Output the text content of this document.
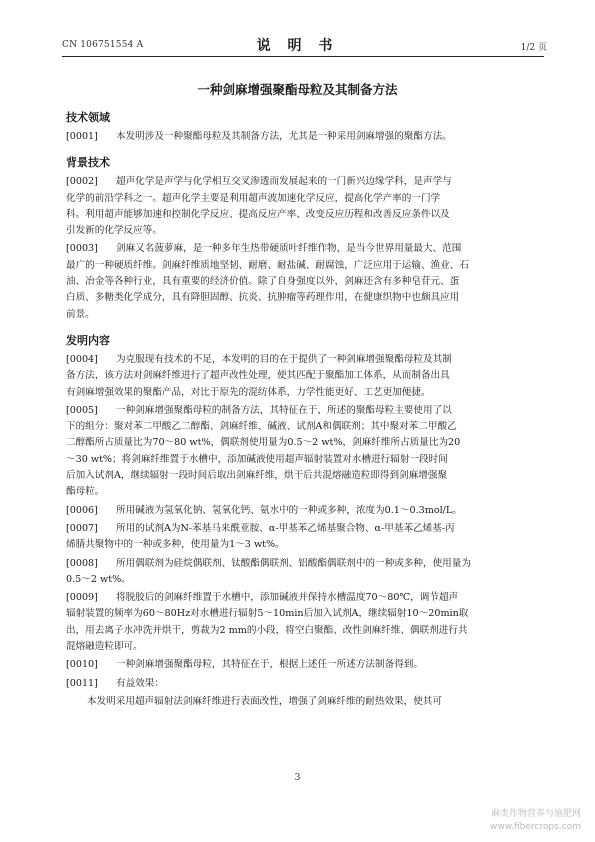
CN 106751554 A	说 明 书	1/2 页
一种剑麻增强聚酯母粒及其制备方法
技术领域
[0001] 本发明涉及一种聚酯母粒及其制备方法，尤其是一种采用剑麻增强的聚酯方法。
背景技术
[0002] 超声化学是声学与化学相互交叉渗透而发展起来的一门新兴边缘学科，是声学与
化学的前沿学科之一。超声化学主要是利用超声波加速化学反应，提高化学产率的一门学
科。利用超声能够加速和控制化学反应、提高反应产率、改变反应历程和改善反应条件以及
引发新的化学反应等。
[0003] 剑麻又名菠萝麻，是一种多年生热带硬质叶纤维作物，是当今世界用量最大、范围
最广的一种硬质纤维。剑麻纤维质地坚韧、耐磨、耐盐碱、耐腐蚀，广泛应用于运输、渔业、石
油、冶金等各种行业，具有重要的经济价值。除了自身强度以外，剑麻还含有多种皂苷元、蛋
白质、多糖类化学成分，具有降胆固醇、抗炎、抗肿瘤等药理作用，在健康织物中也颇具应用
前景。
发明内容
[0004] 为克服现有技术的不足，本发明的目的在于提供了一种剑麻增强聚酯母粒及其制
备方法，该方法对剑麻纤维进行了超声改性处理，使其匹配于聚酯加工体系，从而制备出具
有剑麻增强效果的聚酯产品，对比于原先的混纺体系，力学性能更好、工艺更加便捷。
[0005] 一种剑麻增强聚酯母粒的制备方法，其特征在于，所述的聚酯母粒主要使用了以
下的组分：聚对苯二甲酸乙二醇酯、剑麻纤维、碱液、试剂A和偶联剂；其中聚对苯二甲酸乙
二醇酯所占质量比为70～80 wt%，偶联剂使用量为0.5～2 wt%，剑麻纤维所占质量比为20
～30 wt%；将剑麻纤维置于水槽中，添加碱液使用超声辐射装置对水槽进行辐射一段时间
后加入试剂A，继续辐射一段时间后取出剑麻纤维，烘干后共混熔融造粒即得到剑麻增强聚
酯母粒。
[0006] 所用碱液为氢氧化钠、氢氧化钙、氨水中的一种或多种，浓度为0.1～0.3mol/L。
[0007] 所用的试剂A为N-苯基马来酰亚胺、α-甲基苯乙烯基聚合物、α-甲基苯乙烯基-丙
烯腈共聚物中的一种或多种，使用量为1～3 wt%。
[0008] 所用偶联剂为硅烷偶联剂、钛酸酯偶联剂、铝酸酯偶联剂中的一种或多种，使用量为
0.5～2 wt%。
[0009] 将脱胶后的剑麻纤维置于水槽中，添加碱液并保持水槽温度70～80℃，调节超声
辐射装置的频率为60～80Hz对水槽进行辐射5～10min后加入试剂A，继续辐射10～20min取
出，用去离子水冲洗并烘干，剪裁为2 mm的小段，将空白聚酯、改性剑麻纤维、偶联剂进行共
混熔融造粒即可。
[0010] 一种剑麻增强聚酯母粒，其特征在于，根据上述任一所述方法制备得到。
[0011] 有益效果：
本发明采用超声辐射法剑麻纤维进行表面改性，增强了剑麻纤维的耐热效果，使其可
3
麻类作物营养与施肥网
www.fibercrops.com
